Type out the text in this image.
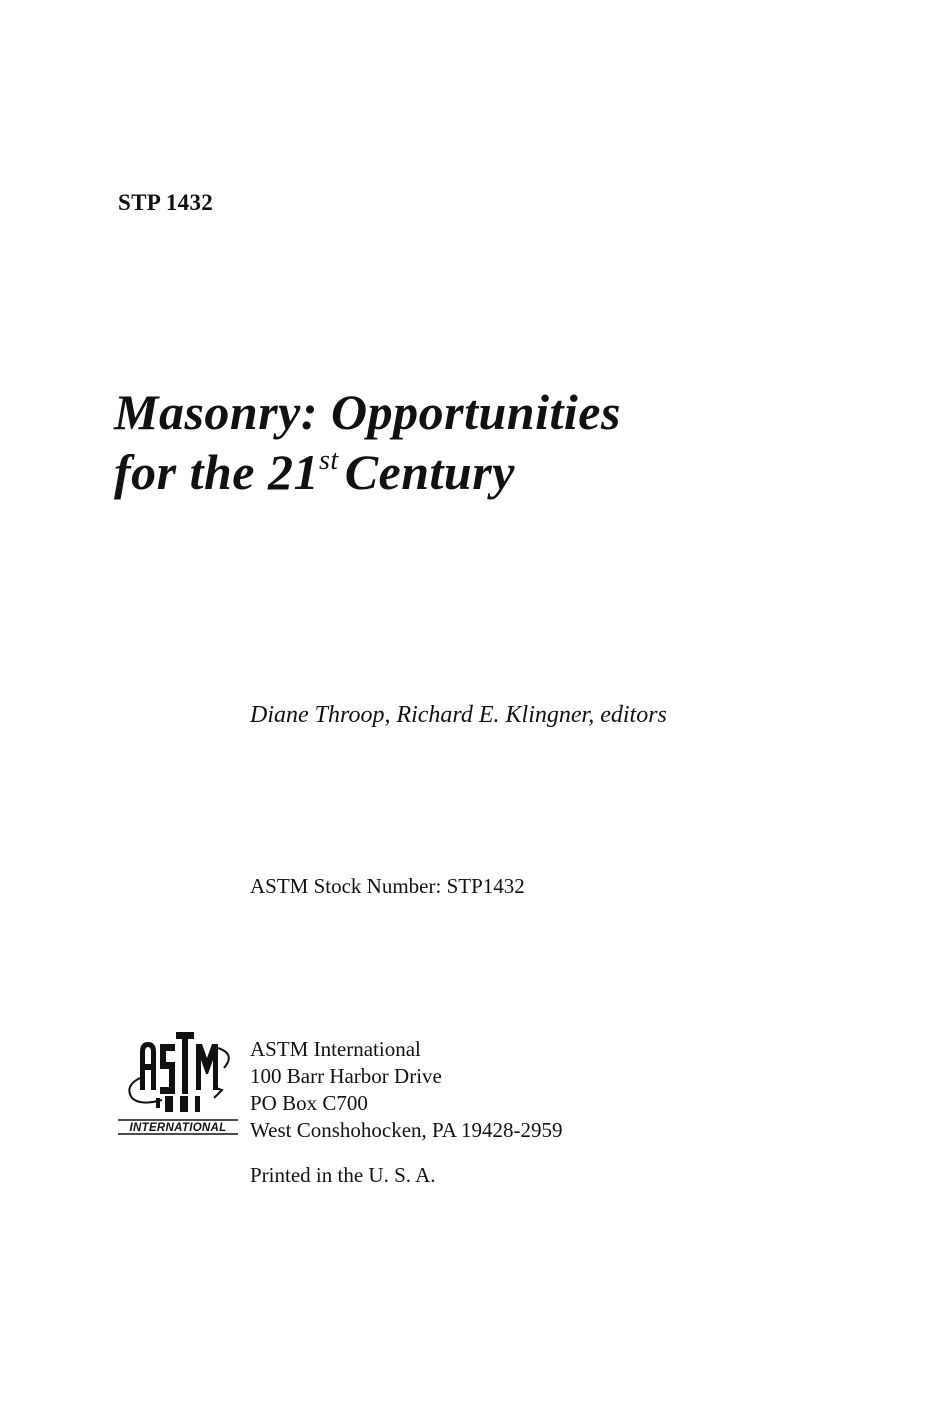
STP 1432
Masonry: Opportunities
for the 21st Century
Diane Throop, Richard E. Klingner, editors
ASTM Stock Number: STP1432
INTERNATIONAL
ASTM International
100 Barr Harbor Drive
PO Box C700
West Conshohocken, PA 19428-2959
Printed in the U. S. A.
